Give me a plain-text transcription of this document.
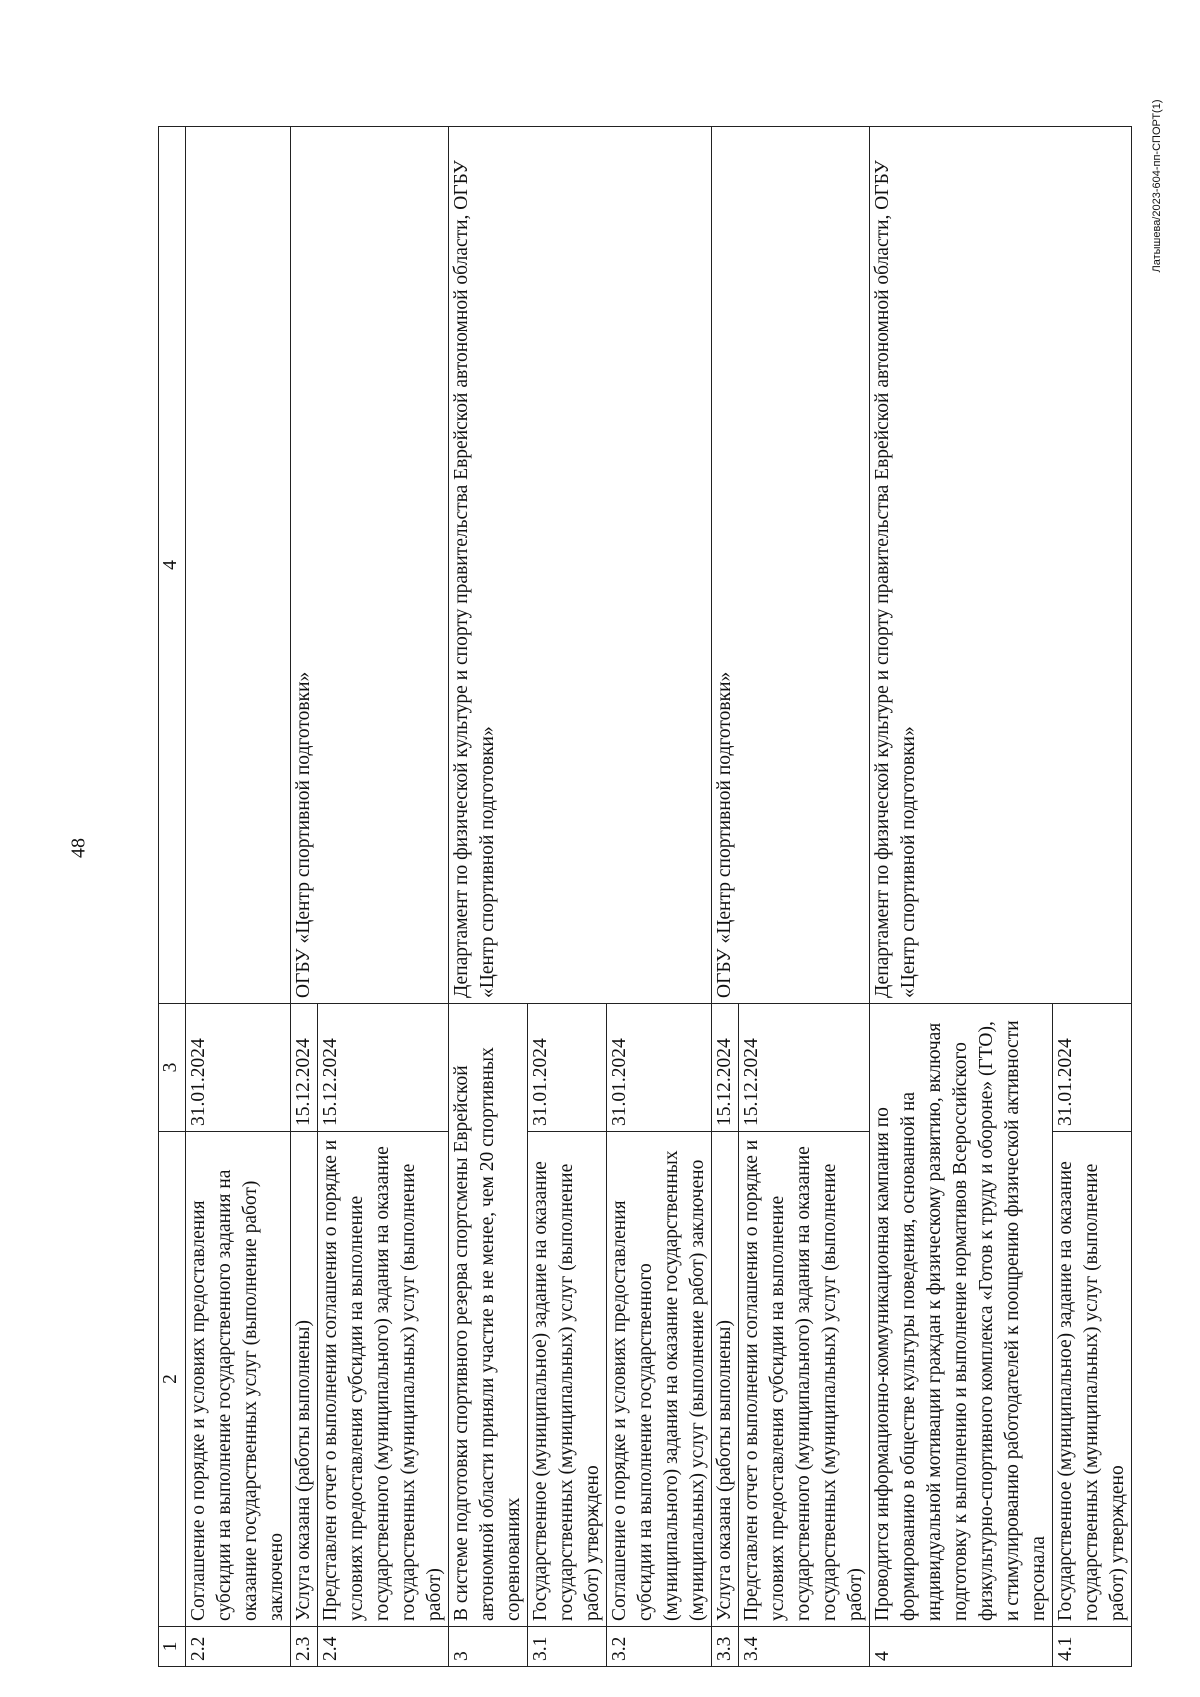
48
Латышева/2023-604-пп-СПОРТ(1)
1	2	3	4
2.2	Соглашение о порядке и условиях предоставления субсидии на выполнение государственного задания на оказание государственных услуг (выполнение работ) заключено	31.01.2024	
2.3	Услуга оказана (работы выполнены)	15.12.2024	ОГБУ «Центр спортивной подготовки»
2.4	Представлен отчет о выполнении соглашения о порядке и условиях предоставления субсидии на выполнение государственного (муниципального) задания на оказание государственных (муниципальных) услуг (выполнение работ)	15.12.2024	
3	В системе подготовки спортивного резерва спортсмены Еврейской автономной области приняли участие в не менее, чем 20 спортивных соревнованиях		Департамент по физической культуре и спорту правительства Еврейской автономной области, ОГБУ «Центр спортивной подготовки»
3.1	Государственное (муниципальное) задание на оказание государственных (муниципальных) услуг (выполнение работ) утверждено	31.01.2024	
3.2	Соглашение о порядке и условиях предоставления субсидии на выполнение государственного (муниципального) задания на оказание государственных (муниципальных) услуг (выполнение работ) заключено	31.01.2024	
3.3	Услуга оказана (работы выполнены)	15.12.2024	ОГБУ «Центр спортивной подготовки»
3.4	Представлен отчет о выполнении соглашения о порядке и условиях предоставления субсидии на выполнение государственного (муниципального) задания на оказание государственных (муниципальных) услуг (выполнение работ)	15.12.2024	
4	Проводится информационно-коммуникационная кампания по формированию в обществе культуры поведения, основанной на индивидуальной мотивации граждан к физическому развитию, включая подготовку к выполнению и выполнение нормативов Всероссийского физкультурно-спортивного комплекса «Готов к труду и обороне» (ГТО), и стимулированию работодателей к поощрению физической активности персонала		Департамент по физической культуре и спорту правительства Еврейской автономной области, ОГБУ «Центр спортивной подготовки»
4.1	Государственное (муниципальное) задание на оказание государственных (муниципальных) услуг (выполнение работ) утверждено	31.01.2024	
